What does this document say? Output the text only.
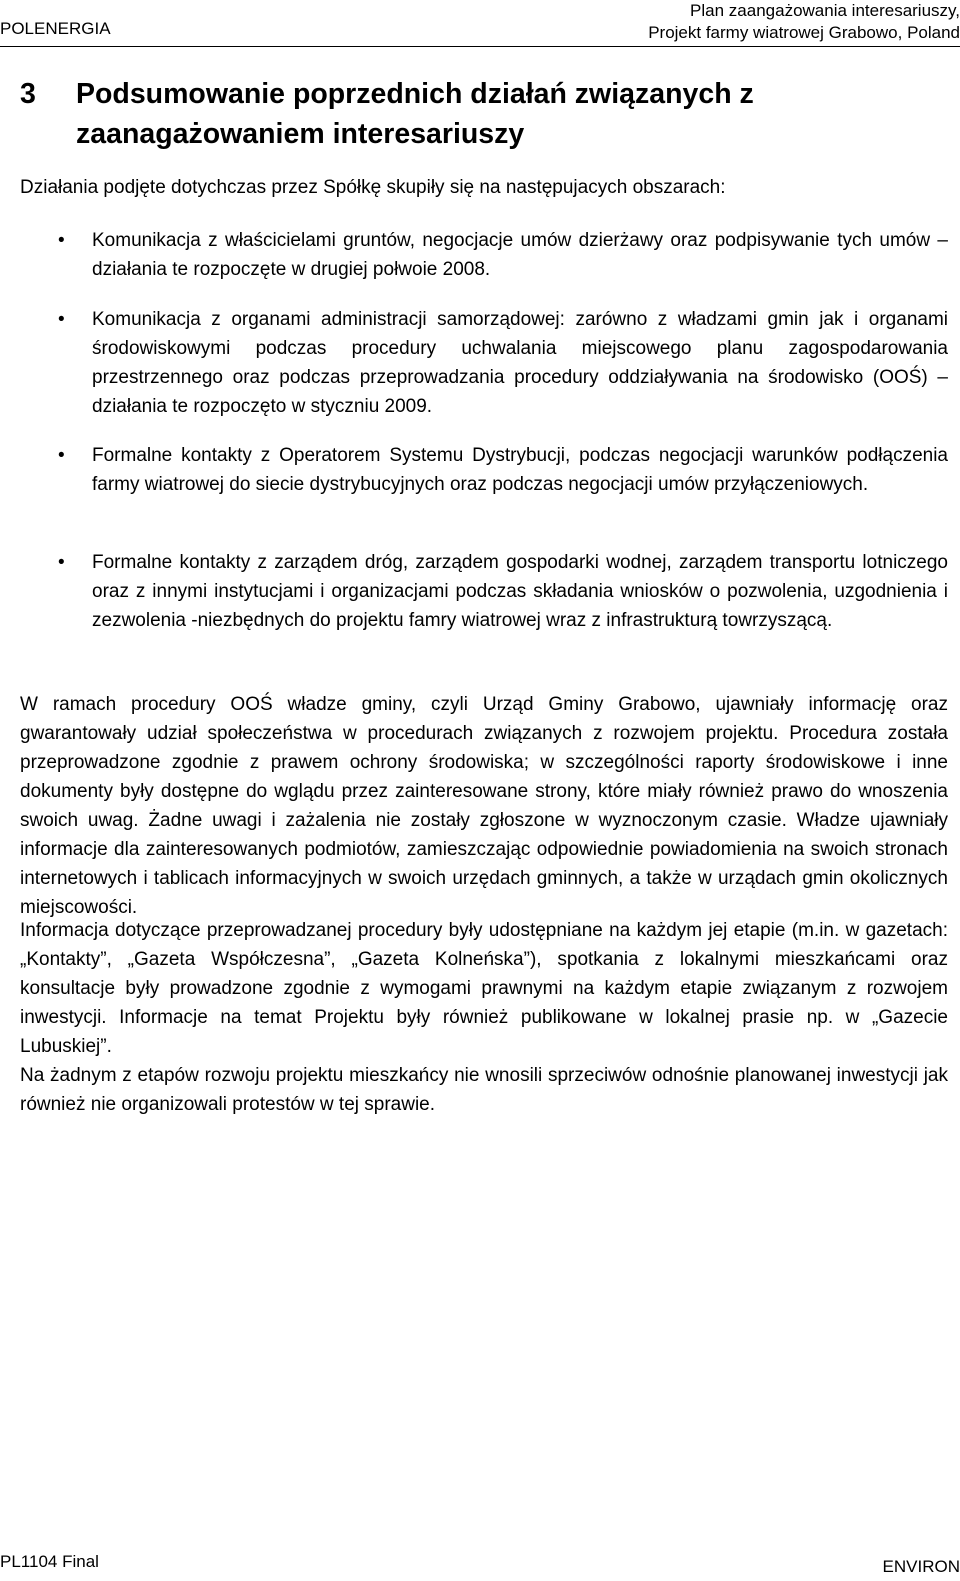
POLENERGIA
Plan zaangażowania interesariuszy,
Projekt farmy wiatrowej Grabowo, Poland
3	Podsumowanie poprzednich działań związanych z zaanagażowaniem interesariuszy
Działania podjęte dotychczas przez Spółkę skupiły się na następujacych obszarach:
• Komunikacja z właścicielami gruntów, negocjacje umów dzierżawy oraz podpisywanie tych umów – działania te rozpoczęte w drugiej połwoie 2008.
• Komunikacja z organami administracji samorządowej: zarówno z władzami gmin jak i organami środowiskowymi podczas procedury uchwalania miejscowego planu zagospodarowania przestrzennego oraz podczas przeprowadzania procedury oddziaływania na środowisko (OOŚ) – działania te rozpoczęto w styczniu 2009.
• Formalne kontakty z Operatorem Systemu Dystrybucji, podczas negocjacji warunków podłączenia farmy wiatrowej do siecie dystrybucyjnych oraz podczas negocjacji umów przyłączeniowych.
• Formalne kontakty z zarządem dróg, zarządem gospodarki wodnej, zarządem transportu lotniczego oraz z innymi instytucjami i organizacjami podczas składania wniosków o pozwolenia, uzgodnienia i zezwolenia -niezbędnych do projektu famry wiatrowej wraz z infrastrukturą towrzyszącą.
W ramach procedury OOŚ władze gminy, czyli Urząd Gminy Grabowo, ujawniały informację oraz gwarantowały udział społeczeństwa w procedurach związanych z rozwojem projektu. Procedura została przeprowadzone zgodnie z prawem ochrony środowiska; w szczególności raporty środowiskowe i inne dokumenty były dostępne do wglądu przez zainteresowane strony, które miały również prawo do wnoszenia swoich uwag. Żadne uwagi i zażalenia nie zostały zgłoszone w wyznoczonym czasie. Władze ujawniały informacje dla zainteresowanych podmiotów, zamieszczając odpowiednie powiadomienia na swoich stronach internetowych i tablicach informacyjnych w swoich urzędach gminnych, a także w urządach gmin okolicznych miejscowości.
Informacja dotyczące przeprowadzanej procedury były udostępniane na każdym jej etapie (m.in. w gazetach: „Kontakty”, „Gazeta Współczesna”, „Gazeta Kolneńska”), spotkania z lokalnymi mieszkańcami oraz konsultacje były prowadzone zgodnie z wymogami prawnymi na każdym etapie związanym z rozwojem inwestycji. Informacje na temat Projektu były również publikowane w lokalnej prasie np. w „Gazecie Lubuskiej”.
Na żadnym z etapów rozwoju projektu mieszkańcy nie wnosili sprzeciwów odnośnie planowanej inwestycji jak również nie organizowali protestów w tej sprawie.
PL1104 Final	ENVIRON
